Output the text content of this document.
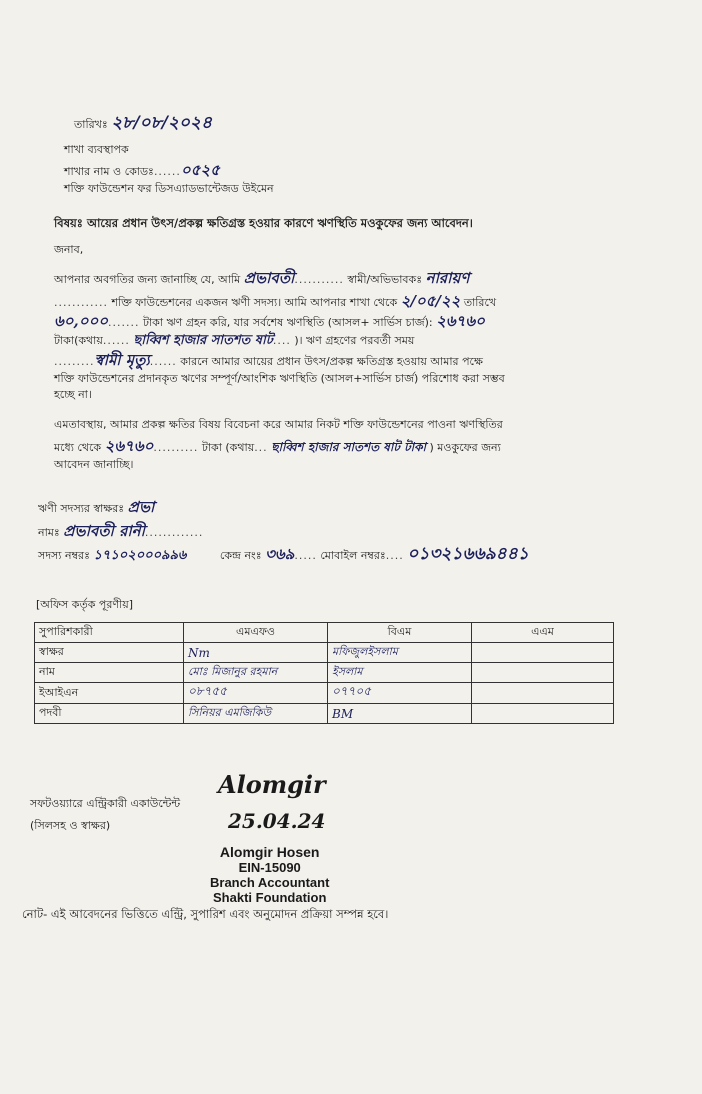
তারিখঃ ২৮/০৮/২০২৪
শাখা ব্যবস্থাপক
শাখার নাম ও কোডঃ......০৫২৫
শক্তি ফাউন্ডেশন ফর ডিসএ্যাডভান্টেজড উইমেন
বিষয়ঃ আয়ের প্রধান উৎস/প্রকল্প ক্ষতিগ্রস্ত হওয়ার কারণে ঋণস্থিতি মওকুফের জন্য আবেদন।
জনাব,
আপনার অবগতির জন্য জানাচ্ছি যে, আমি প্রভাবতী........... স্বামী/অভিভাবকঃ নারায়ণ
............ শক্তি ফাউন্ডেশনের একজন ঋণী সদস্য। আমি আপনার শাখা থেকে ২/০৫/২২ তারিখে
৬০,০০০....... টাকা ঋণ গ্রহন করি, যার সর্বশেষ ঋণস্থিতি (আসল+ সার্ভিস চার্জ): ২৬৭৬০
টাকা(কথায়...... ছাব্বিশ হাজার সাতশত ষাট.... )। ঋণ গ্রহণের পরবর্তী সময়
.........স্বামী মৃত্যু...... কারনে আমার আয়ের প্রধান উৎস/প্রকল্প ক্ষতিগ্রস্ত হওয়ায় আমার পক্ষে
শক্তি ফাউন্ডেশনের প্রদানকৃত ঋণের সম্পূর্ণ/আংশিক ঋণস্থিতি (আসল+সার্ভিস চার্জ) পরিশোধ করা সম্ভব
হচ্ছে না।
এমতাবস্থায়, আমার প্রকল্প ক্ষতির বিষয় বিবেচনা করে আমার নিকট শক্তি ফাউন্ডেশনের পাওনা ঋণস্থিতির
মধ্যে থেকে ২৬৭৬০.......... টাকা (কথায়... ছাব্বিশ হাজার সাতশত ষাট টাকা ) মওকুফের জন্য
আবেদন জানাচ্ছি।
ঋণী সদস্যর স্বাক্ষরঃ প্রভা
নামঃ প্রভাবতী রানী.............
সদস্য নম্বরঃ ১৭১০২০০০৯৯৬	কেন্দ্র নংঃ ৩৬৯..... মোবাইল নম্বরঃ.... ০১৩২১৬৬৯৪৪১
[অফিস কর্তৃক পূরণীয়]
সুপারিশকারী	এমএফও	বিএম	এএম
স্বাক্ষর	Nm	মফিজুলইসলাম	
নাম	মোঃ মিজানুর রহমান	ইসলাম	
ইআইএন	০৮৭৫৫	০৭৭০৫	
পদবী	সিনিয়র এমজিকিউ	BM	
সফটওয়্যারে এন্ট্রিকারী একাউন্টেন্ট
(সিলসহ ও স্বাক্ষর)
Alomgir
25.04.24
Alomgir Hosen
EIN-15090
Branch Accountant
Shakti Foundation
নোট- এই আবেদনের ভিত্তিতে এন্ট্রি, সুপারিশ এবং অনুমোদন প্রক্রিয়া সম্পন্ন হবে।
